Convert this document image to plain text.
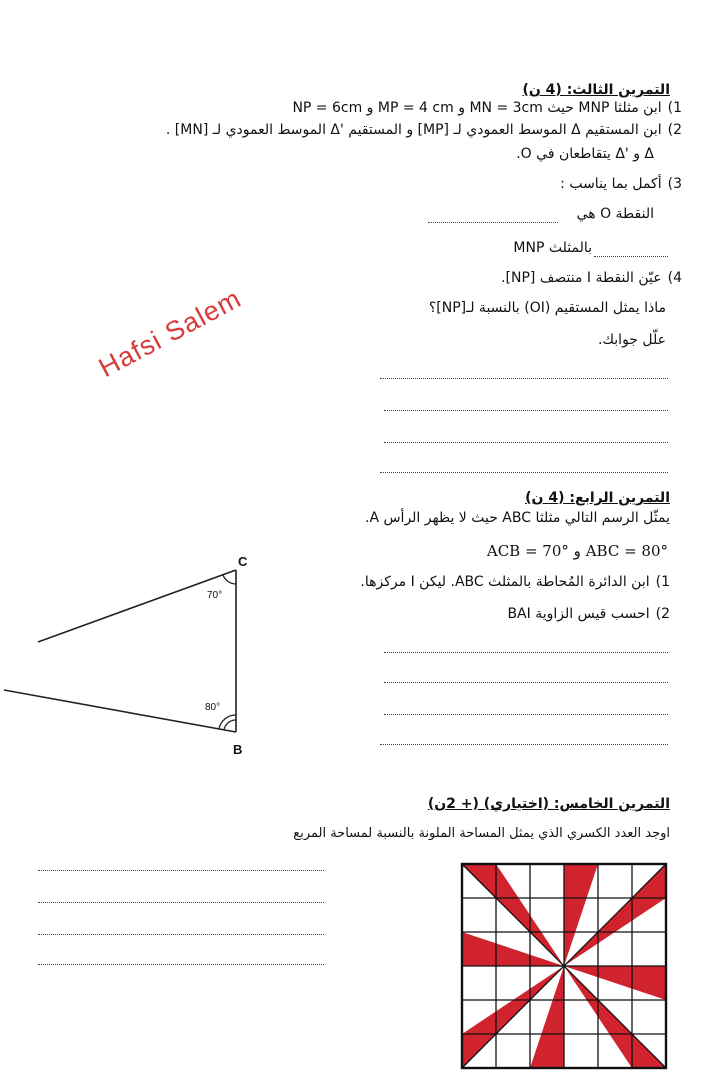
التمرين الثالث: (4 ن)
1)ابن مثلثا MNP حيث MN = 3cm و MP = 4 cm و NP = 6cm
2)ابن المستقيم Δ الموسط العمودي لـ [MP] و المستقيم 'Δ الموسط العمودي لـ [MN] .
Δ و 'Δ يتقاطعان في O.
3)أكمل بما يناسب :
النقطة O هي
بالمثلث MNP
4)عيّن النقطة I منتصف [NP].
ماذا يمثل المستقيم (OI) بالنسبة لـ[NP]؟
علّل جوابك.
Hafsi Salem
التمرين الرابع: (4 ن)
يمثّل الرسم التالي مثلثا ABC حيث لا يظهر الرأس A.
ACB = 70° و ABC = 80°
1)ابن الدائرة المُحاطة بالمثلث ABC. ليكن I مركزها.
2)احسب قيس الزاوية BAI
C
B
70°
80°
التمرين الخامس: (اختياري) (+ 2ن)
اوجد العدد الكسري الذي يمثل المساحة الملونة بالنسبة لمساحة المربع
